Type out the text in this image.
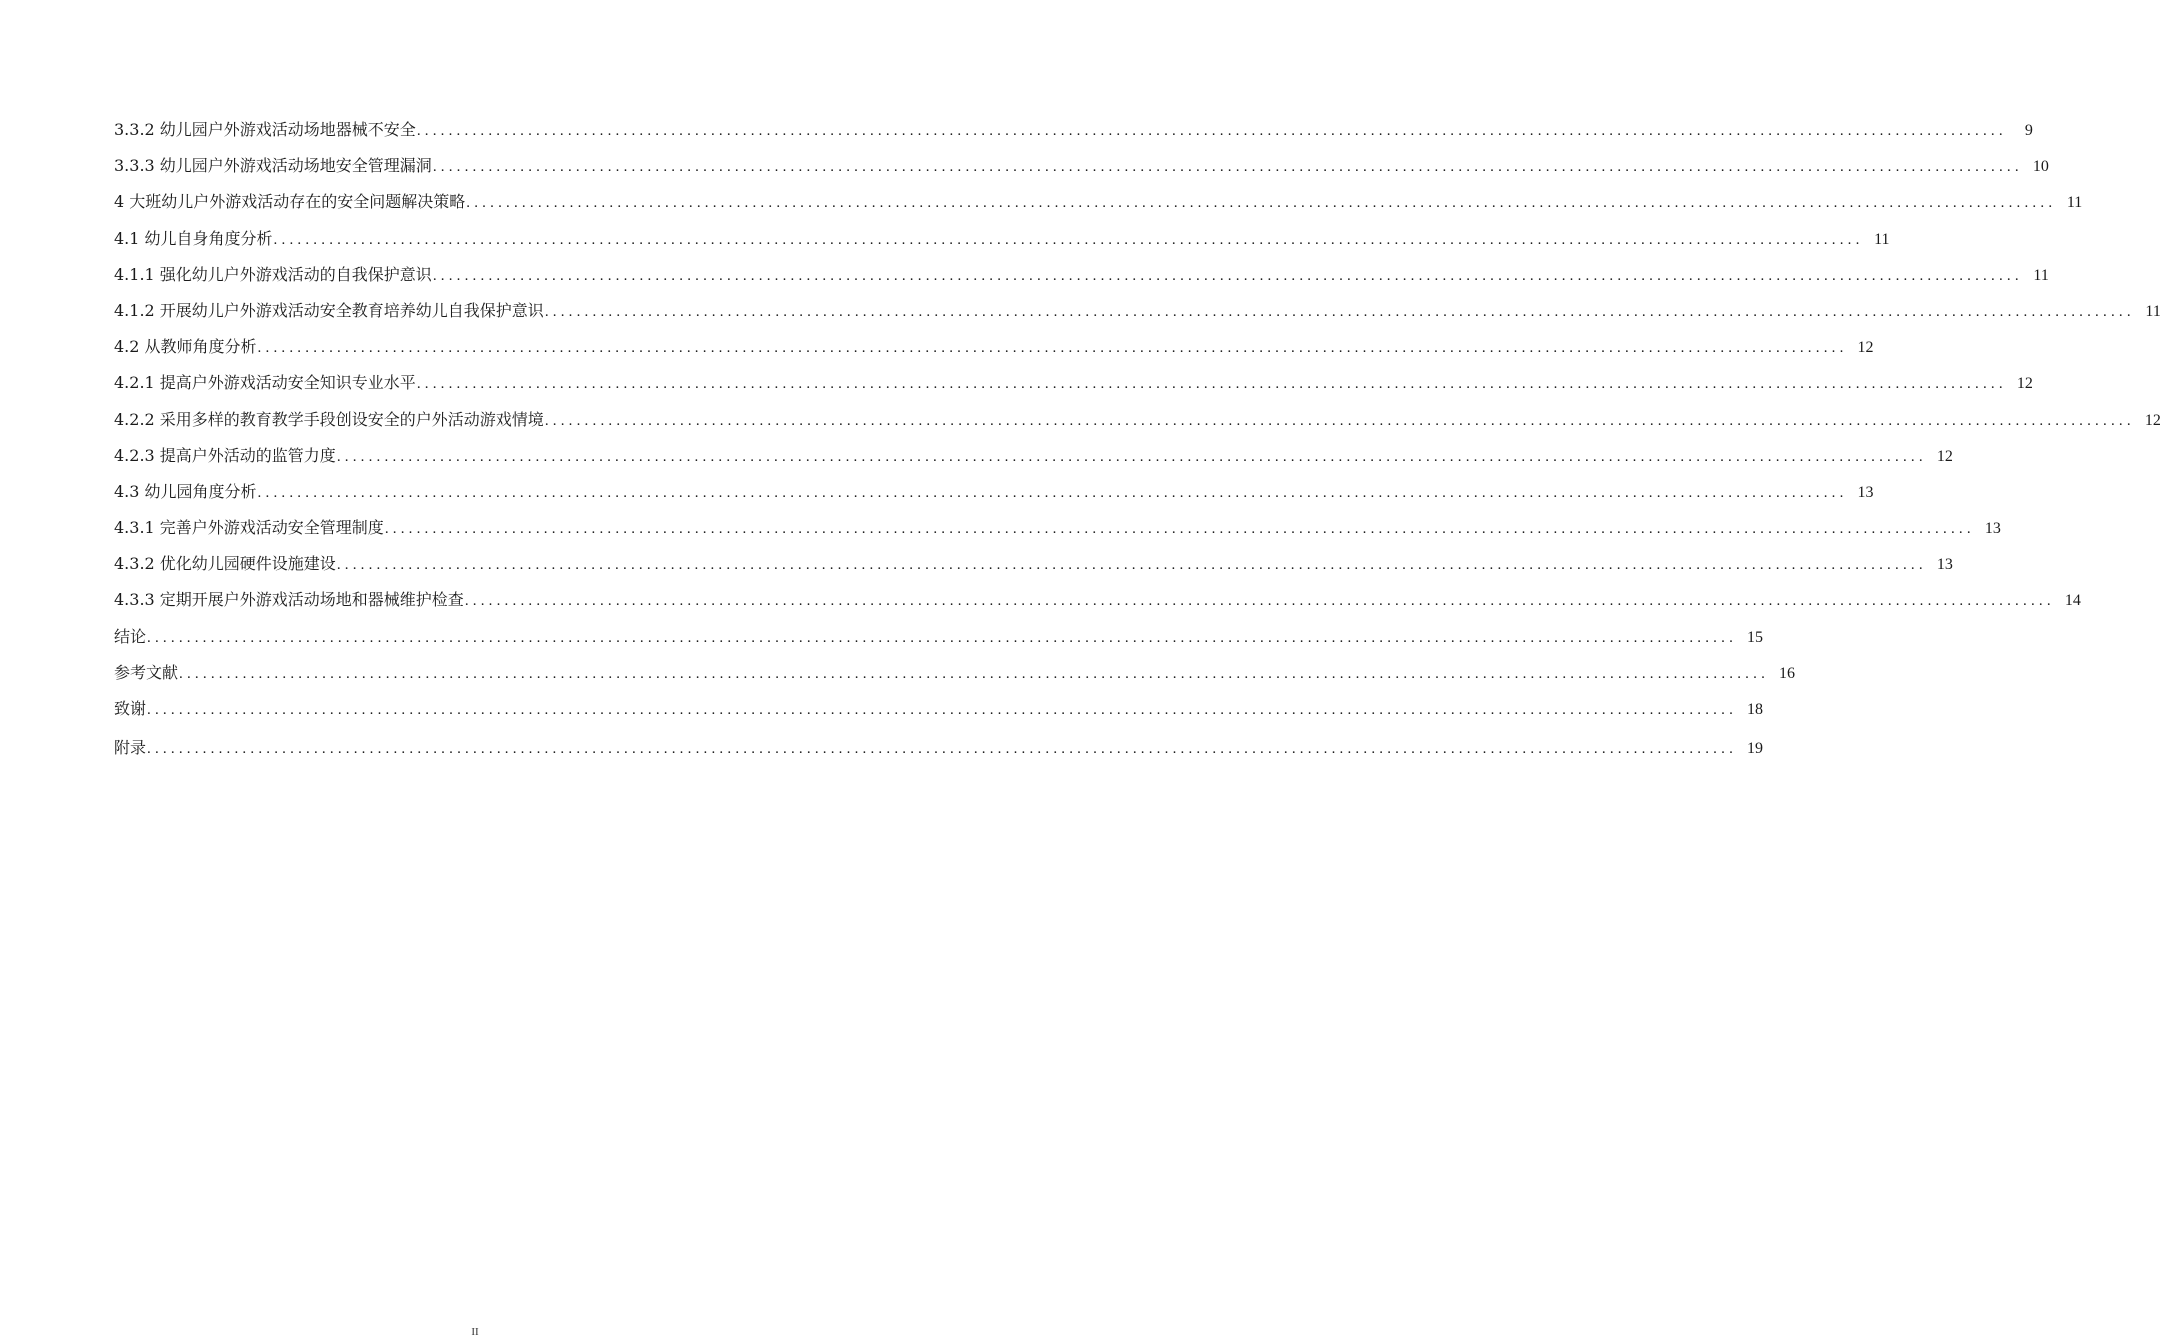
3.3.2 幼儿园户外游戏活动场地器械不安全 ........................................................................................................................................................................................................	9
3.3.3 幼儿园户外游戏活动场地安全管理漏洞 ........................................................................................................................................................................................................ 10
4 大班幼儿户外游戏活动存在的安全问题解决策略 ........................................................................................................................................................................................................ 11
4.1 幼儿自身角度分析 ........................................................................................................................................................................................................ 11
4.1.1 强化幼儿户外游戏活动的自我保护意识 ........................................................................................................................................................................................................ 11
4.1.2 开展幼儿户外游戏活动安全教育培养幼儿自我保护意识 ........................................................................................................................................................................................................ 11
4.2 从教师角度分析 ........................................................................................................................................................................................................ 12
4.2.1 提高户外游戏活动安全知识专业水平 ........................................................................................................................................................................................................ 12
4.2.2 采用多样的教育教学手段创设安全的户外活动游戏情境 ........................................................................................................................................................................................................ 12
4.2.3 提高户外活动的监管力度 ........................................................................................................................................................................................................ 12
4.3 幼儿园角度分析 ........................................................................................................................................................................................................ 13
4.3.1 完善户外游戏活动安全管理制度 ........................................................................................................................................................................................................ 13
4.3.2 优化幼儿园硬件设施建设 ........................................................................................................................................................................................................ 13
4.3.3 定期开展户外游戏活动场地和器械维护检查 ........................................................................................................................................................................................................ 14
结论 ........................................................................................................................................................................................................ 15
参考文献 ........................................................................................................................................................................................................ 16
致谢 ........................................................................................................................................................................................................ 18
附录 ........................................................................................................................................................................................................ 19
II
